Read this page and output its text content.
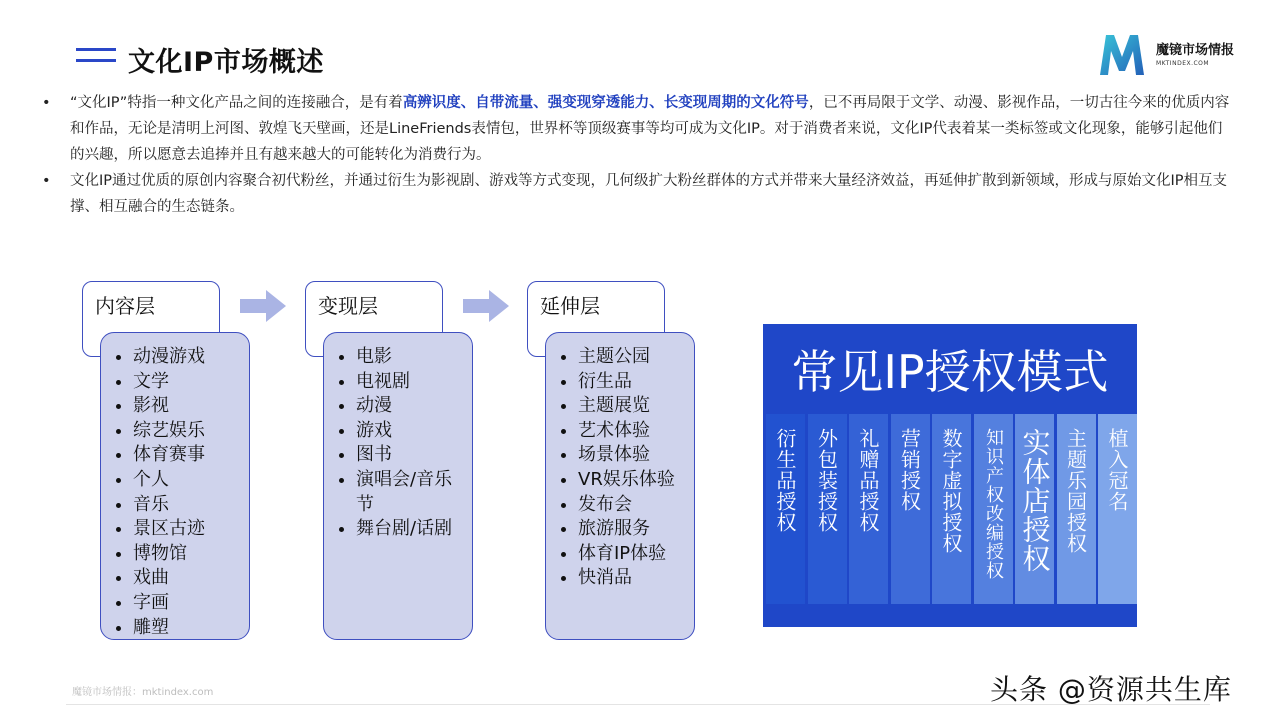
文化IP市场概述	魔镜市场情报
MKTINDEX.COM
• “文化IP”特指一种文化产品之间的连接融合，是有着高辨识度、自带流量、强变现穿透能力、长变现周期的文化符号，已不再局限于文学、动漫、影视作品，一切古往今来的优质内容和作品，无论是清明上河图、敦煌飞天壁画，还是LineFriends表情包，世界杯等顶级赛事等均可成为文化IP。对于消费者来说，文化IP代表着某一类标签或文化现象，能够引起他们的兴趣，所以愿意去追捧并且有越来越大的可能转化为消费行为。
• 文化IP通过优质的原创内容聚合初代粉丝，并通过衍生为影视剧、游戏等方式变现，几何级扩大粉丝群体的方式并带来大量经济效益，再延伸扩散到新领域，形成与原始文化IP相互支撑、相互融合的生态链条。
内容层
• 动漫游戏
• 文学
• 影视
• 综艺娱乐
• 体育赛事
• 个人
• 音乐
• 景区古迹
• 博物馆
• 戏曲
• 字画
• 雕塑
变现层
• 电影
• 电视剧
• 动漫
• 游戏
• 图书
• 演唱会/音乐节
• 舞台剧/话剧
延伸层
• 主题公园
• 衍生品
• 主题展览
• 艺术体验
• 场景体验
• VR娱乐体验
• 发布会
• 旅游服务
• 体育IP体验
• 快消品
常见IP授权模式
衍生品授权 外包装授权 礼赠品授权 营销授权 数字虚拟授权 知识产权改编授权 实体店授权 主题乐园授权 植入冠名
魔镜市场情报：mktindex.com	头条 @资源共生库
